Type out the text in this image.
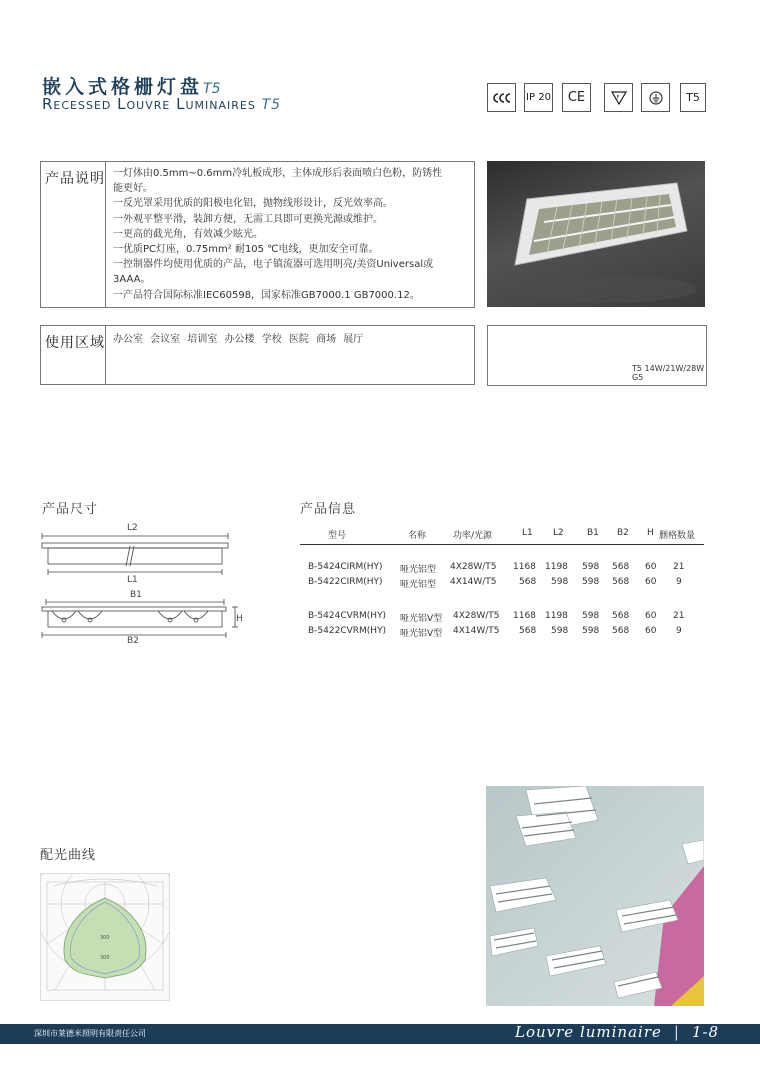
嵌入式格栅灯盘T5
Recessed Louvre Luminaires T5	IP 20	CE	F	T5
产品说明 一灯体由0.5mm~0.6mm冷轧板成形，主体成形后表面喷白色粉，防锈性
能更好。
一反光罩采用优质的阳极电化铝，抛物线形设计，反光效率高。
一外观平整平滑，装卸方便，无需工具即可更换光源或维护。
一更高的截光角，有效减少眩光。
一优质PC灯座，0.75mm² 耐105 ℃电线，更加安全可靠。
一控制器件均使用优质的产品，电子镇流器可选用明亮/美资Universal或
3AAA。
一产品符合国际标准IEC60598，国家标准GB7000.1 GB7000.12。
使用区域 办公室 会议室 培训室 办公楼 学校 医院 商场 展厅
T5 14W/21W/28W
G5
产品尺寸
L2
L1
B1
B2
H
产品信息
型号	名称	功率/光源	L1 L2	B1 B2 H 删格数量
B-5424CIRM(HY) 哑光铝型 4X28W/T5 1168 1198 598 568 60 21
B-5422CIRM(HY) 哑光铝型 4X14W/T5	568 598 598 568 60 9
B-5424CVRM(HY) 哑光铝V型 4X28W/T5 1168 1198 598 568 60 21
B-5422CVRM(HY) 哑光铝V型 4X14W/T5 568 598 598 568 60 9
配光曲线
300
300
深圳市莱德米照明有限责任公司	Louvre luminaire | 1-8
